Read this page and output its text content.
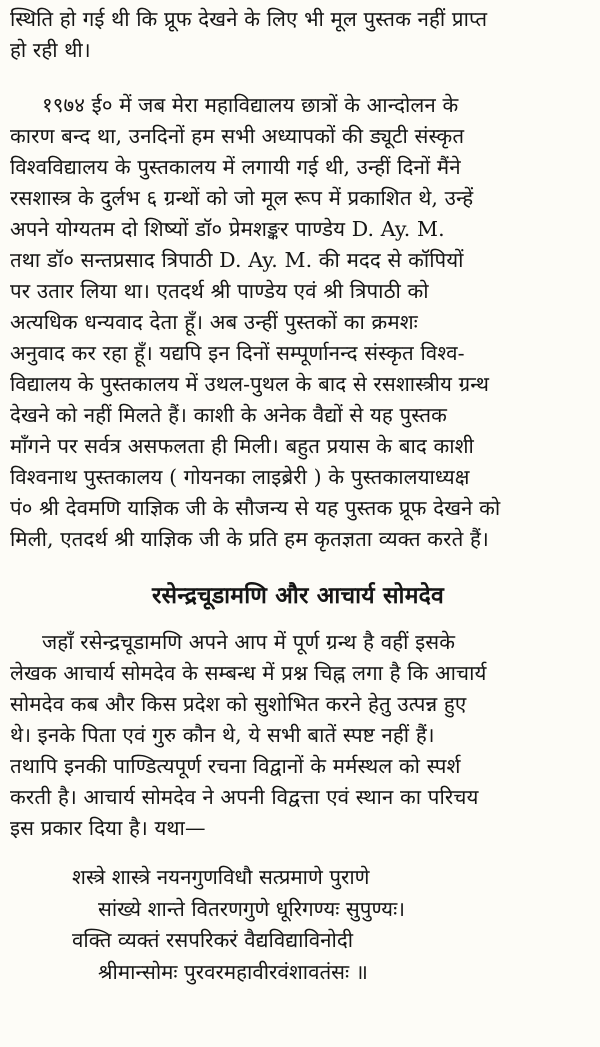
स्थिति हो गई थी कि प्रूफ देखने के लिए भी मूल पुस्तक नहीं प्राप्त

हो रही थी।

१९७४ ई० में जब मेरा महाविद्यालय छात्रों के आन्दोलन के

कारण बन्द था, उनदिनों हम सभी अध्यापकों की ड्यूटी संस्कृत

विश्वविद्यालय के पुस्तकालय में लगायी गई थी, उन्हीं दिनों मैंने

रसशास्त्र के दुर्लभ ६ ग्रन्थों को जो मूल रूप में प्रकाशित थे, उन्हें

अपने योग्यतम दो शिष्यों डॉ० प्रेमशङ्कर पाण्डेय D. Ay. M.

तथा डॉ० सन्तप्रसाद त्रिपाठी D. Ay. M. की मदद से कॉपियों

पर उतार लिया था। एतदर्थ श्री पाण्डेय एवं श्री त्रिपाठी को

अत्यधिक धन्यवाद देता हूँ। अब उन्हीं पुस्तकों का क्रमशः

अनुवाद कर रहा हूँ। यद्यपि इन दिनों सम्पूर्णानन्द संस्कृत विश्व-

विद्यालय के पुस्तकालय में उथल-पुथल के बाद से रसशास्त्रीय ग्रन्थ

देखने को नहीं मिलते हैं। काशी के अनेक वैद्यों से यह पुस्तक

माँगने पर सर्वत्र असफलता ही मिली। बहुत प्रयास के बाद काशी

विश्वनाथ पुस्तकालय ( गोयनका लाइब्रेरी ) के पुस्तकालयाध्यक्ष

पं० श्री देवमणि याज्ञिक जी के सौजन्य से यह पुस्तक प्रूफ देखने को

मिली, एतदर्थ श्री याज्ञिक जी के प्रति हम कृतज्ञता व्यक्त करते हैं।

रसेन्द्रचूडामणि और आचार्य सोमदेव

जहाँ रसेन्द्रचूडामणि अपने आप में पूर्ण ग्रन्थ है वहीं इसके

लेखक आचार्य सोमदेव के सम्बन्ध में प्रश्न चिह्न लगा है कि आचार्य

सोमदेव कब और किस प्रदेश को सुशोभित करने हेतु उत्पन्न हुए

थे। इनके पिता एवं गुरु कौन थे, ये सभी बातें स्पष्ट नहीं हैं।

तथापि इनकी पाण्डित्यपूर्ण रचना विद्वानों के मर्मस्थल को स्पर्श

करती है। आचार्य सोमदेव ने अपनी विद्वत्ता एवं स्थान का परिचय

इस प्रकार दिया है। यथा—

शस्त्रे शास्त्रे नयनगुणविधौ सत्प्रमाणे पुराणे

सांख्ये शान्ते वितरणगुणे धूरिगण्यः सुपुण्यः।

वक्ति व्यक्तं रसपरिकरं वैद्यविद्याविनोदी

श्रीमान्सोमः पुरवरमहावीरवंशावतंसः ॥
